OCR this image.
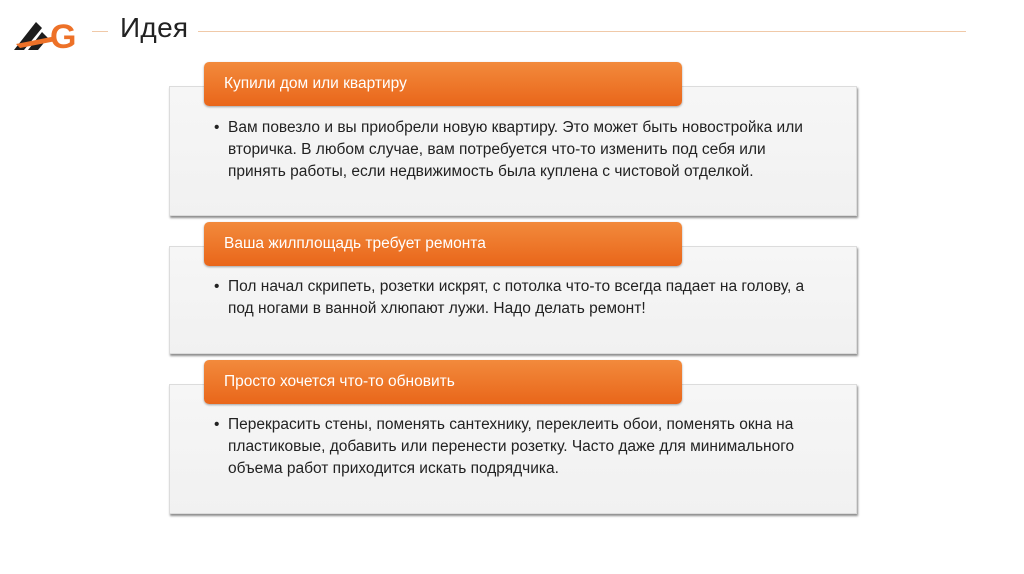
G Идея
• Вам повезло и вы приобрели новую квартиру. Это может быть новостройка или вторичка. В любом случае, вам потребуется что-то изменить под себя или принять работы, если недвижимость была куплена с чистовой отделкой.
Купили дом или квартиру
• Пол начал скрипеть, розетки искрят, с потолка что-то всегда падает на голову, а под ногами в ванной хлюпают лужи. Надо делать ремонт!
Ваша жилплощадь требует ремонта
• Перекрасить стены, поменять сантехнику, переклеить обои, поменять окна на пластиковые, добавить или перенести розетку. Часто даже для минимального объема работ приходится искать подрядчика.
Просто хочется что-то обновить
